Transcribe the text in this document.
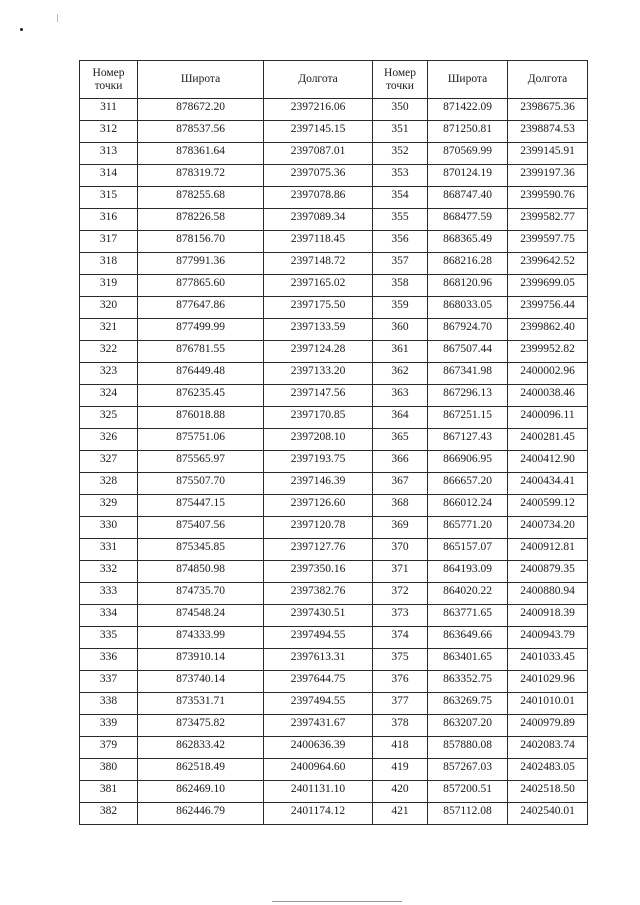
Номер точки	Широта	Долгота	Номер точки	Широта	Долгота
311	878672.20	2397216.06	350	871422.09	2398675.36
312	878537.56	2397145.15	351	871250.81	2398874.53
313	878361.64	2397087.01	352	870569.99	2399145.91
314	878319.72	2397075.36	353	870124.19	2399197.36
315	878255.68	2397078.86	354	868747.40	2399590.76
316	878226.58	2397089.34	355	868477.59	2399582.77
317	878156.70	2397118.45	356	868365.49	2399597.75
318	877991.36	2397148.72	357	868216.28	2399642.52
319	877865.60	2397165.02	358	868120.96	2399699.05
320	877647.86	2397175.50	359	868033.05	2399756.44
321	877499.99	2397133.59	360	867924.70	2399862.40
322	876781.55	2397124.28	361	867507.44	2399952.82
323	876449.48	2397133.20	362	867341.98	2400002.96
324	876235.45	2397147.56	363	867296.13	2400038.46
325	876018.88	2397170.85	364	867251.15	2400096.11
326	875751.06	2397208.10	365	867127.43	2400281.45
327	875565.97	2397193.75	366	866906.95	2400412.90
328	875507.70	2397146.39	367	866657.20	2400434.41
329	875447.15	2397126.60	368	866012.24	2400599.12
330	875407.56	2397120.78	369	865771.20	2400734.20
331	875345.85	2397127.76	370	865157.07	2400912.81
332	874850.98	2397350.16	371	864193.09	2400879.35
333	874735.70	2397382.76	372	864020.22	2400880.94
334	874548.24	2397430.51	373	863771.65	2400918.39
335	874333.99	2397494.55	374	863649.66	2400943.79
336	873910.14	2397613.31	375	863401.65	2401033.45
337	873740.14	2397644.75	376	863352.75	2401029.96
338	873531.71	2397494.55	377	863269.75	2401010.01
339	873475.82	2397431.67	378	863207.20	2400979.89
379	862833.42	2400636.39	418	857880.08	2402083.74
380	862518.49	2400964.60	419	857267.03	2402483.05
381	862469.10	2401131.10	420	857200.51	2402518.50
382	862446.79	2401174.12	421	857112.08	2402540.01
